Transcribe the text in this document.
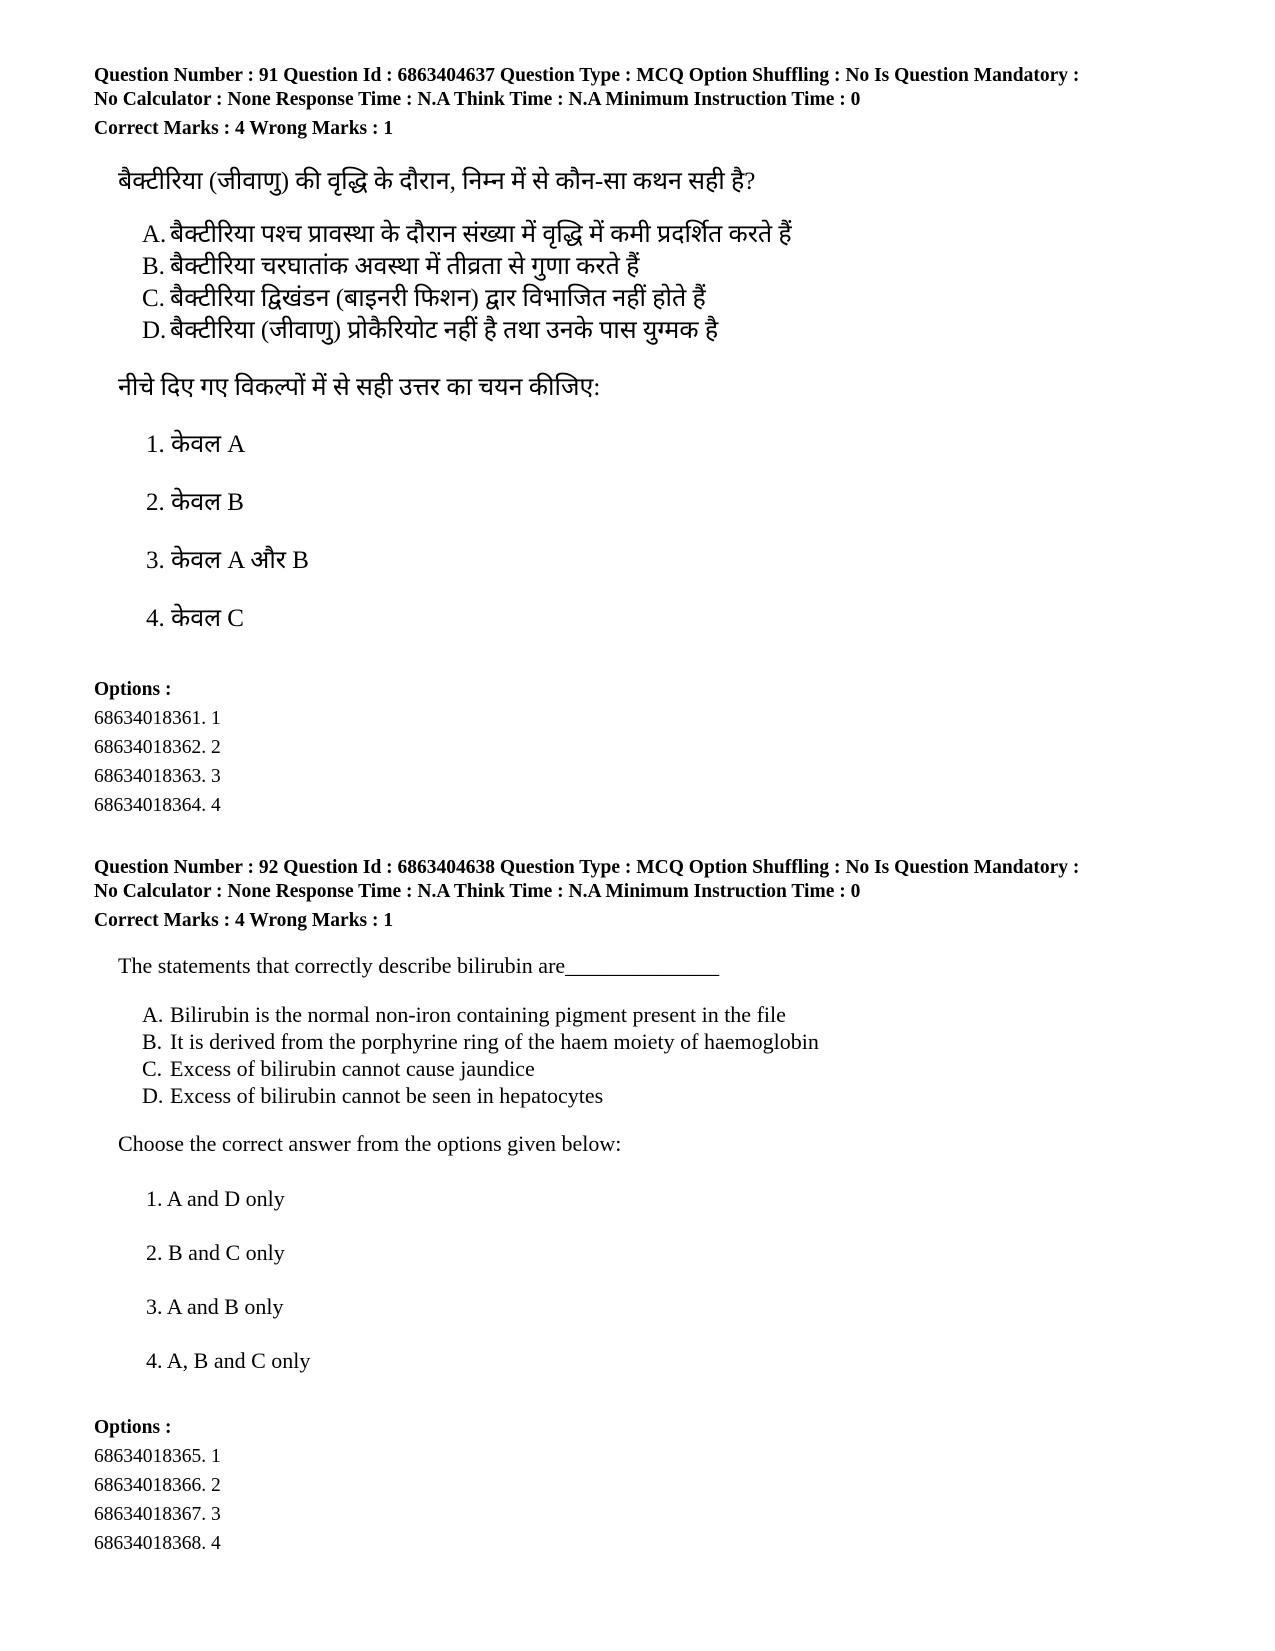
Question Number : 91 Question Id : 6863404637 Question Type : MCQ Option Shuffling : No Is Question Mandatory :

No Calculator : None Response Time : N.A Think Time : N.A Minimum Instruction Time : 0

Correct Marks : 4 Wrong Marks : 1

बैक्टीरिया (जीवाणु) की वृद्धि के दौरान, निम्न में से कौन-सा कथन सही है?

A. बैक्टीरिया पश्च प्रावस्था के दौरान संख्या में वृद्धि में कमी प्रदर्शित करते हैं
B. बैक्टीरिया चरघातांक अवस्था में तीव्रता से गुणा करते हैं
C. बैक्टीरिया द्विखंडन (बाइनरी फिशन) द्वार विभाजित नहीं होते हैं
D. बैक्टीरिया (जीवाणु) प्रोकैरियोट नहीं है तथा उनके पास युग्मक है

नीचे दिए गए विकल्पों में से सही उत्तर का चयन कीजिए:

1. केवल A
2. केवल B
3. केवल A और B
4. केवल C

Options :

68634018361. 1

68634018362. 2

68634018363. 3

68634018364. 4

Question Number : 92 Question Id : 6863404638 Question Type : MCQ Option Shuffling : No Is Question Mandatory :

No Calculator : None Response Time : N.A Think Time : N.A Minimum Instruction Time : 0

Correct Marks : 4 Wrong Marks : 1

The statements that correctly describe bilirubin are______________

A. Bilirubin is the normal non-iron containing pigment present in the file
B. It is derived from the porphyrine ring of the haem moiety of haemoglobin
C. Excess of bilirubin cannot cause jaundice
D. Excess of bilirubin cannot be seen in hepatocytes

Choose the correct answer from the options given below:

1. A and D only
2. B and C only
3. A and B only
4. A, B and C only

Options :

68634018365. 1

68634018366. 2

68634018367. 3

68634018368. 4
